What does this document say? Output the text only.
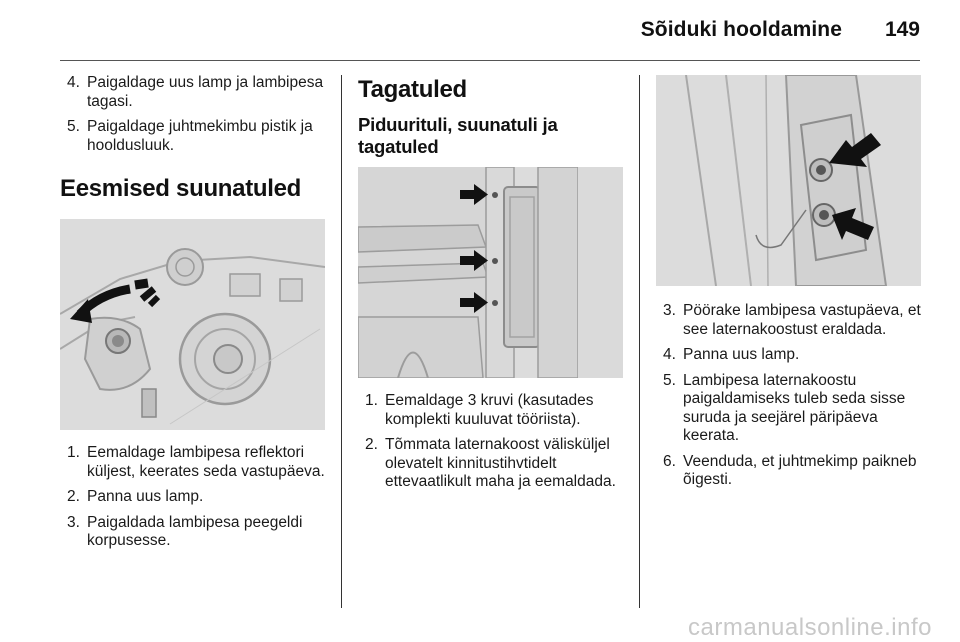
Sõiduki hooldamine 149
4. Paigaldage uus lamp ja lambipesa tagasi.
5. Paigaldage juhtmekimbu pistik ja hooldusluuk.
Eesmised suunatuled
1. Eemaldage lambipesa reflektori küljest, keerates seda vastupäeva.
2. Panna uus lamp.
3. Paigaldada lambipesa peegeldi korpusesse.
Tagatuled
Piduurituli, suunatuli ja tagatuled
1. Eemaldage 3 kruvi (kasutades komplekti kuuluvat tööriista).
2. Tõmmata laternakoost välisküljel olevatelt kinnitustihvtidelt ettevaatlikult maha ja eemaldada.
3. Pöörake lambipesa vastupäeva, et see laternakoostust eraldada.
4. Panna uus lamp.
5. Lambipesa laternakoostu paigaldamiseks tuleb seda sisse suruda ja seejärel päripäeva keerata.
6. Veenduda, et juhtmekimp paikneb õigesti.
carmanualsonline.info
